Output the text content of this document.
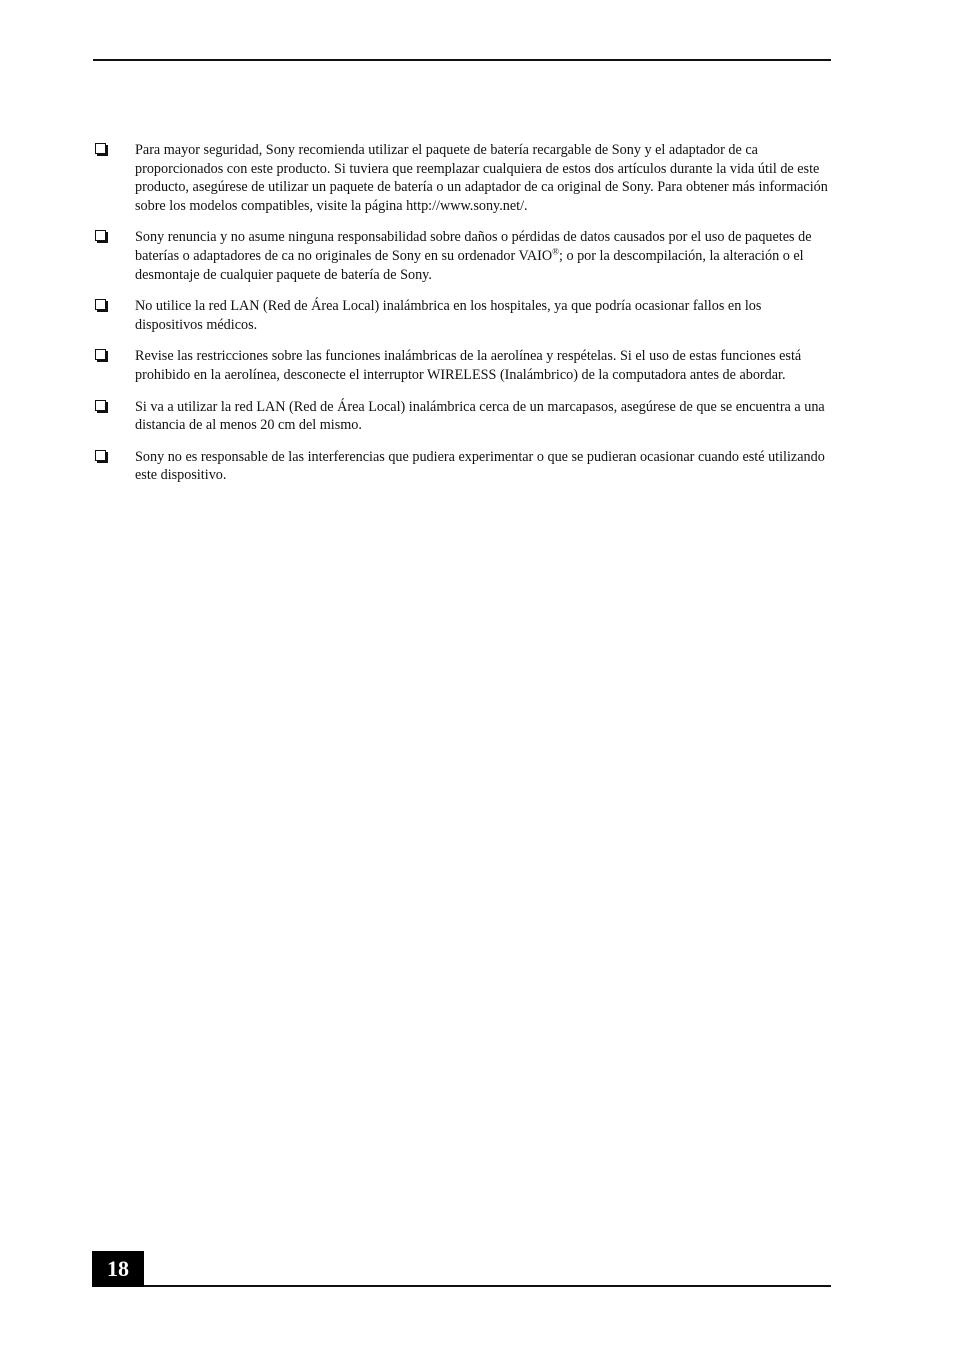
Para mayor seguridad, Sony recomienda utilizar el paquete de batería recargable de Sony y el adaptador de ca proporcionados con este producto. Si tuviera que reemplazar cualquiera de estos dos artículos durante la vida útil de este producto, asegúrese de utilizar un paquete de batería o un adaptador de ca original de Sony. Para obtener más información sobre los modelos compatibles, visite la página http://www.sony.net/.
Sony renuncia y no asume ninguna responsabilidad sobre daños o pérdidas de datos causados por el uso de paquetes de baterías o adaptadores de ca no originales de Sony en su ordenador VAIO®; o por la descompilación, la alteración o el desmontaje de cualquier paquete de batería de Sony.
No utilice la red LAN (Red de Área Local) inalámbrica en los hospitales, ya que podría ocasionar fallos en los dispositivos médicos.
Revise las restricciones sobre las funciones inalámbricas de la aerolínea y respételas. Si el uso de estas funciones está prohibido en la aerolínea, desconecte el interruptor WIRELESS (Inalámbrico) de la computadora antes de abordar.
Si va a utilizar la red LAN (Red de Área Local) inalámbrica cerca de un marcapasos, asegúrese de que se encuentra a una distancia de al menos 20 cm del mismo.
Sony no es responsable de las interferencias que pudiera experimentar o que se pudieran ocasionar cuando esté utilizando este dispositivo.
18
